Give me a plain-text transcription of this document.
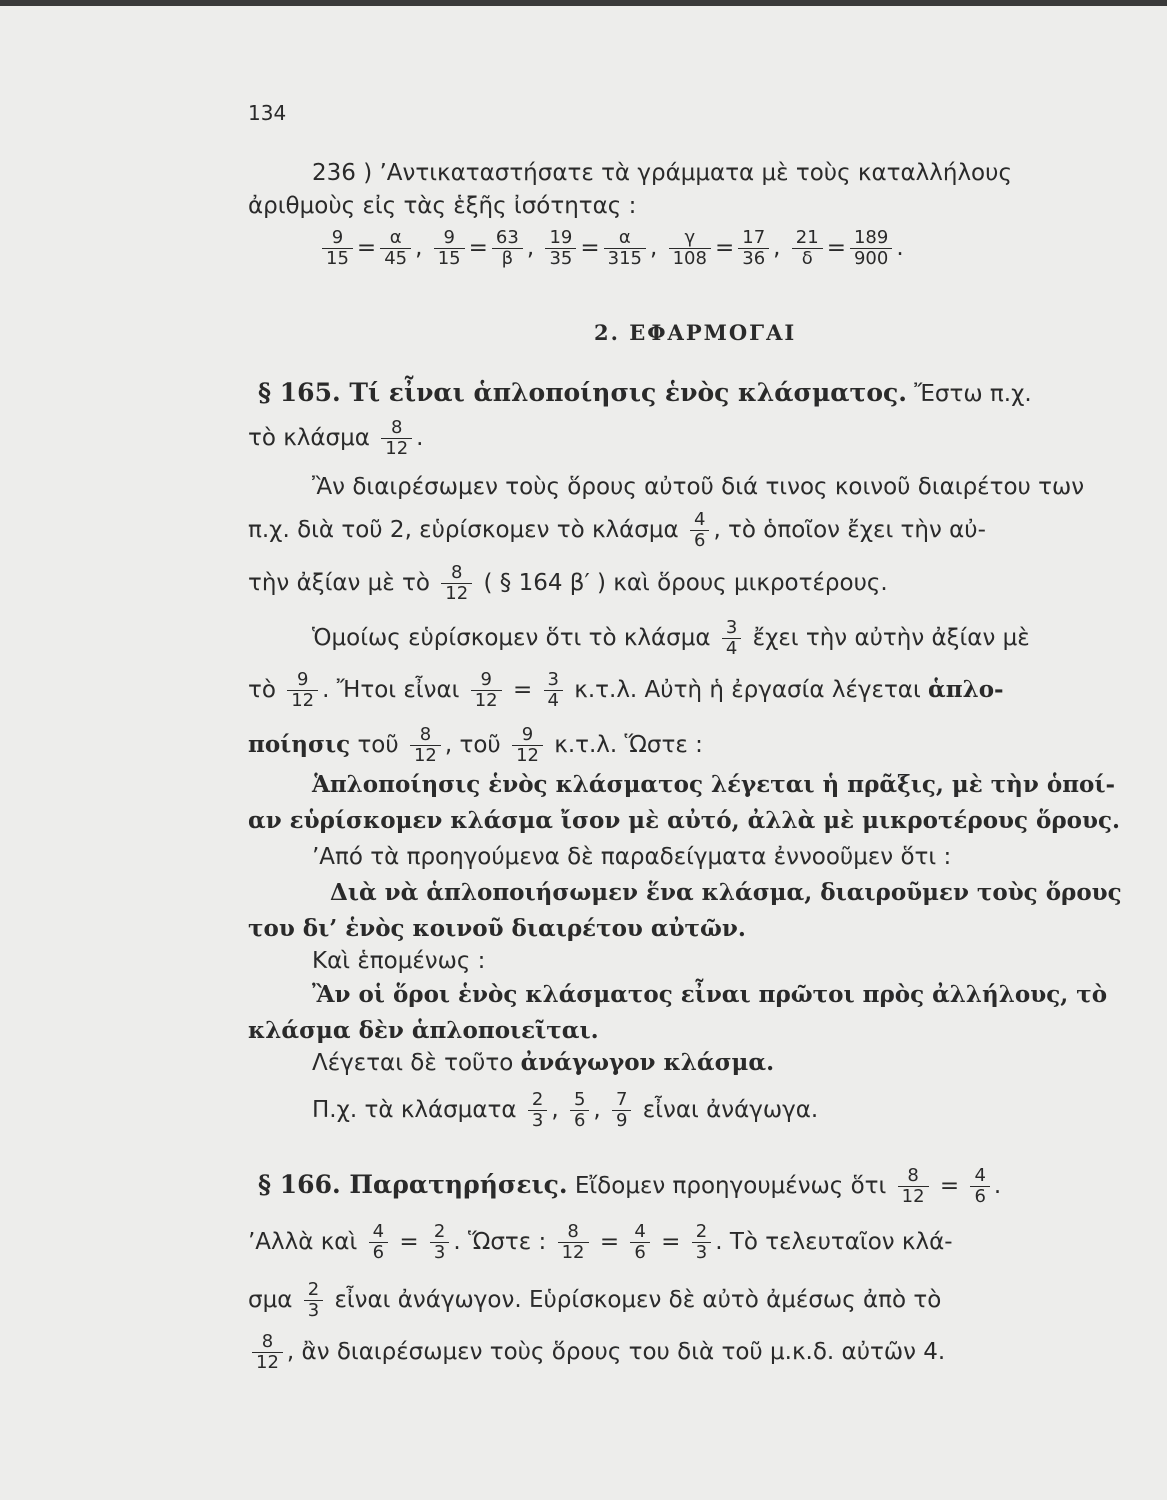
134
236 ) ’Αντικαταστήσατε τὰ γράμματα μὲ τοὺς καταλλήλους
ἀριθμοὺς εἰς τὰς ἑξῆς ἰσότητας :
$\frac{9}{15} = \frac{\alpha}{45}$ , $\frac{9}{15} = \frac{63}{\beta}$ , $\frac{19}{35} = \frac{\alpha}{315}$ , $\frac{\gamma}{108} = \frac{17}{36}$ , $\frac{21}{\delta} = \frac{189}{900}$ .
2. ΕΦΑΡΜΟΓΑΙ
§ 165. Τί εἶναι ἁπλοποίησις ἑνὸς κλάσματος. Ἔστω π.χ.
τὸ κλάσμα $\frac{8}{12}$ .
Ἂν διαιρέσωμεν τοὺς ὅρους αὐτοῦ διά τινος κοινοῦ διαιρέτου των
π.χ. διὰ τοῦ 2, εὑρίσκομεν τὸ κλάσμα $\frac{4}{6}$ , τὸ ὁποῖον ἔχει τὴν αὐ-
τὴν ἀξίαν μὲ τὸ $\frac{8}{12}$ ( § 164 β′ ) καὶ ὅρους μικροτέρους.
Ὁμοίως εὑρίσκομεν ὅτι τὸ κλάσμα $\frac{3}{4}$ ἔχει τὴν αὐτὴν ἀξίαν μὲ
τὸ $\frac{9}{12}$ . Ἤτοι εἶναι $\frac{9}{12} = \frac{3}{4} \kappa.\tau.\lambda$. Αὐτὴ ἡ ἐργασία λέγεται ἁπλο-
ποίησις τοῦ $\frac{8}{12}$ , τοῦ $\frac{9}{12} \kappa.\tau.\lambda$. Ὥστε :
Ἁπλοποίησις ἑνὸς κλάσματος λέγεται ἡ πρᾶξις, μὲ τὴν ὁποί-
αν εὑρίσκομεν κλάσμα ἴσον μὲ αὐτό, ἀλλὰ μὲ μικροτέρους ὅρους.
’Από τὰ προηγούμενα δὲ παραδείγματα ἐννοοῦμεν ὅτι :
Διὰ νὰ ἁπλοποιήσωμεν ἕνα κλάσμα, διαιροῦμεν τοὺς ὅρους
του δι’ ἑνὸς κοινοῦ διαιρέτου αὐτῶν.
Καὶ ἑπομένως :
Ἂν οἱ ὅροι ἑνὸς κλάσματος εἶναι πρῶτοι πρὸς ἀλλήλους, τὸ
κλάσμα δὲν ἁπλοποιεῖται.
Λέγεται δὲ τοῦτο ἀνάγωγον κλάσμα.
Π.χ. τὰ κλάσματα $\frac{2}{3}$ , $\frac{5}{6}$ , $\frac{7}{9}$ εἶναι ἀνάγωγα.
§ 166. Παρατηρήσεις. Εἴδομεν προηγουμένως ὅτι $\frac{8}{12} = \frac{4}{6}$ .
’Αλλὰ καὶ $\frac{4}{6} = \frac{2}{3}$ . Ὥστε : $\frac{8}{12} = \frac{4}{6} = \frac{2}{3}$ . Τὸ τελευταῖον κλά-
σμα $\frac{2}{3}$ εἶναι ἀνάγωγον. Εὑρίσκομεν δὲ αὐτὸ ἀμέσως ἀπὸ τὸ
$\frac{8}{12}$ , ἂν διαιρέσωμεν τοὺς ὅρους του διὰ τοῦ μ.κ.δ. αὐτῶν 4.
